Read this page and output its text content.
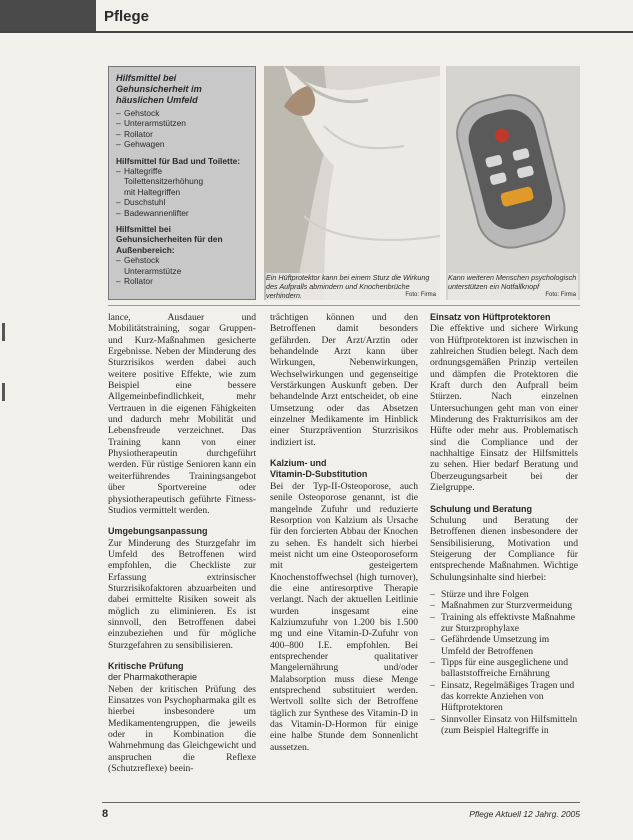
Pflege
Hilfsmittel bei Gehunsicherheit im häuslichen Umfeld
– Gehstock
– Unterarmstützen
– Rollator
– Gehwagen
Hilfsmittel für Bad und Toilette:
– Haltegriffe
Toilettensitzerhöhung
mit Haltegriffen
– Duschstuhl
– Badewannenlifter
Hilfsmittel bei Gehunsicherheiten für den Außenbereich:
– Gehstock
Unterarmstütze
– Rollator	Ein Hüftprotektor kann bei einem Sturz die Wirkung des Aufpralls abmindern und Knochenbrüche verhindern.	Foto: Firma
Kann weiteren Menschen psychologisch unterstützen ein Notfallknopf
Foto: Firma

lance, Ausdauer und Mobilitätstraining, sogar Gruppen- und Kurz-Maßnahmen gesicherte Ergebnisse. Neben der Minderung des Sturzrisikos werden dabei auch weitere positive Effekte, wie zum Beispiel eine bessere Allgemeinbefindlichkeit, mehr Vertrauen in die eigenen Fähigkeiten und dadurch mehr Mobilität und Lebensfreude verzeichnet. Das Training kann von einer Physiotherapeutin durchgeführt werden. Für rüstige Senioren kann ein weiterführendes Trainingsangebot über Sportvereine oder physiotherapeutisch geführte Fitness-Studios vermittelt werden.

Umgebungsanpassung

Zur Minderung des Sturzgefahr im Umfeld des Betroffenen wird empfohlen, die Checkliste zur Erfassung extrinsischer Sturzrisikofaktoren abzuarbeiten und dabei ermittelte Risiken soweit als möglich zu eliminieren. Es ist sinnvoll, den Betroffenen dabei einzubeziehen und für mögliche Sturzgefahren zu sensibilisieren.

Kritische Prüfung
der Pharmakotherapie

Neben der kritischen Prüfung des Einsatzes von Psychopharmaka gilt es hierbei insbesondere um Medikamentengruppen, die jeweils oder in Kombination die Wahrnehmung das Gleichgewicht und anspruchen die Reflexe (Schutzreflexe) beein-

trächtigen können und den Betroffenen damit besonders gefährden. Der Arzt/Arztin oder behandelnde Arzt kann über Wirkungen, Nebenwirkungen, Wechselwirkungen und gegenseitige Verstärkungen Auskunft geben. Der behandelnde Arzt entscheidet, ob eine Umsetzung oder das Absetzen einzelner Medikamente im Hinblick einer Sturzprävention Sturzrisikos indiziert ist.

Kalzium- und
Vitamin-D-Substitution

Bei der Typ-II-Osteoporose, auch senile Osteoporose genannt, ist die mangelnde Zufuhr und reduzierte Resorption von Kalzium als Ursache für den forcierten Abbau der Knochen zu sehen. Es handelt sich hierbei meist nicht um eine Osteoporoseform mit gesteigertem Knochenstoffwechsel (high turnover), die eine antiresorptive Therapie verlangt. Nach der aktuellen Leitlinie wurden insgesamt eine Kalziumzufuhr von 1.200 bis 1.500 mg und eine Vitamin-D-Zufuhr von 400–800 I.E. empfohlen. Bei entsprechender qualitativer Mangelernährung und/oder Malabsorption muss diese Menge entsprechend substituiert werden. Wertvoll sollte sich der Betroffene täglich zur Synthese des Vitamin-D in das Vitamin-D-Hormon für einige eine halbe Stunde dem Sonnenlicht aussetzen.

Einsatz von Hüftprotektoren

Die effektive und sichere Wirkung von Hüftprotektoren ist inzwischen in zahlreichen Studien belegt. Nach dem ordnungsgemäßen Prinzip verteilen und dämpfen die Protektoren die Kraft durch den Aufprall beim Stürzen. Nach einzelnen Untersuchungen geht man von einer Minderung des Frakturrisikos am der Hüfte oder mehr aus. Problematisch sind die Compliance und der nachhaltige Einsatz der Hilfsmittels zu sehen. Hier bedarf Beratung und Überzeugungsarbeit bei der Zielgruppe.

Schulung und Beratung

Schulung und Beratung der Betroffenen dienen insbesondere der Sensibilisierung, Motivation und Steigerung der Compliance für entsprechende Maßnahmen. Wichtige Schulungsinhalte sind hierbei:

– Stürze und ihre Folgen
– Maßnahmen zur Sturzvermeidung
– Training als effektivste Maßnahme zur Sturzprophylaxe
– Gefährdende Umsetzung im Umfeld der Betroffenen
– Tipps für eine ausgeglichene und ballaststoffreiche Ernährung
– Einsatz, Regelmäßiges Tragen und das korrekte Anziehen von Hüftprotektoren
– Sinnvoller Einsatz von Hilfsmitteln (zum Beispiel Haltegriffe in
8	Pflege Aktuell 12 Jahrg. 2005
